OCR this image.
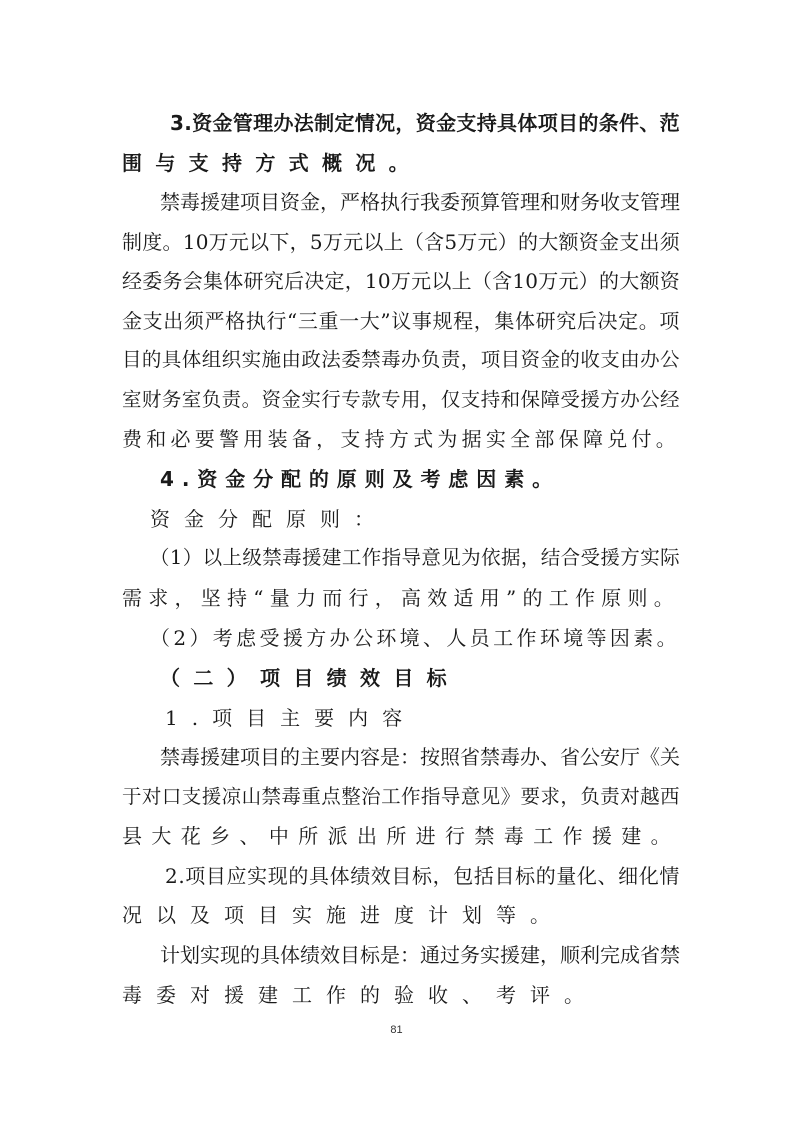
3.资金管理办法制定情况，资金支持具体项目的条件、范
围与支持方式概况。
禁毒援建项目资金，严格执行我委预算管理和财务收支管理
制度。10万元以下，5万元以上（含5万元）的大额资金支出须
经委务会集体研究后决定，10万元以上（含10万元）的大额资
金支出须严格执行“三重一大”议事规程，集体研究后决定。项
目的具体组织实施由政法委禁毒办负责，项目资金的收支由办公
室财务室负责。资金实行专款专用，仅支持和保障受援方办公经
费和必要警用装备，支持方式为据实全部保障兑付。
4.资金分配的原则及考虑因素。
资金分配原则：
（1）以上级禁毒援建工作指导意见为依据，结合受援方实际
需求，坚持“量力而行，高效适用”的工作原则。
（2）考虑受援方办公环境、人员工作环境等因素。
（二）项目绩效目标
1.项目主要内容
禁毒援建项目的主要内容是：按照省禁毒办、省公安厅《关
于对口支援凉山禁毒重点整治工作指导意见》要求，负责对越西
县大花乡、中所派出所进行禁毒工作援建。
2.项目应实现的具体绩效目标，包括目标的量化、细化情
况以及项目实施进度计划等。
计划实现的具体绩效目标是：通过务实援建，顺利完成省禁
毒委对援建工作的验收、考评。
81
